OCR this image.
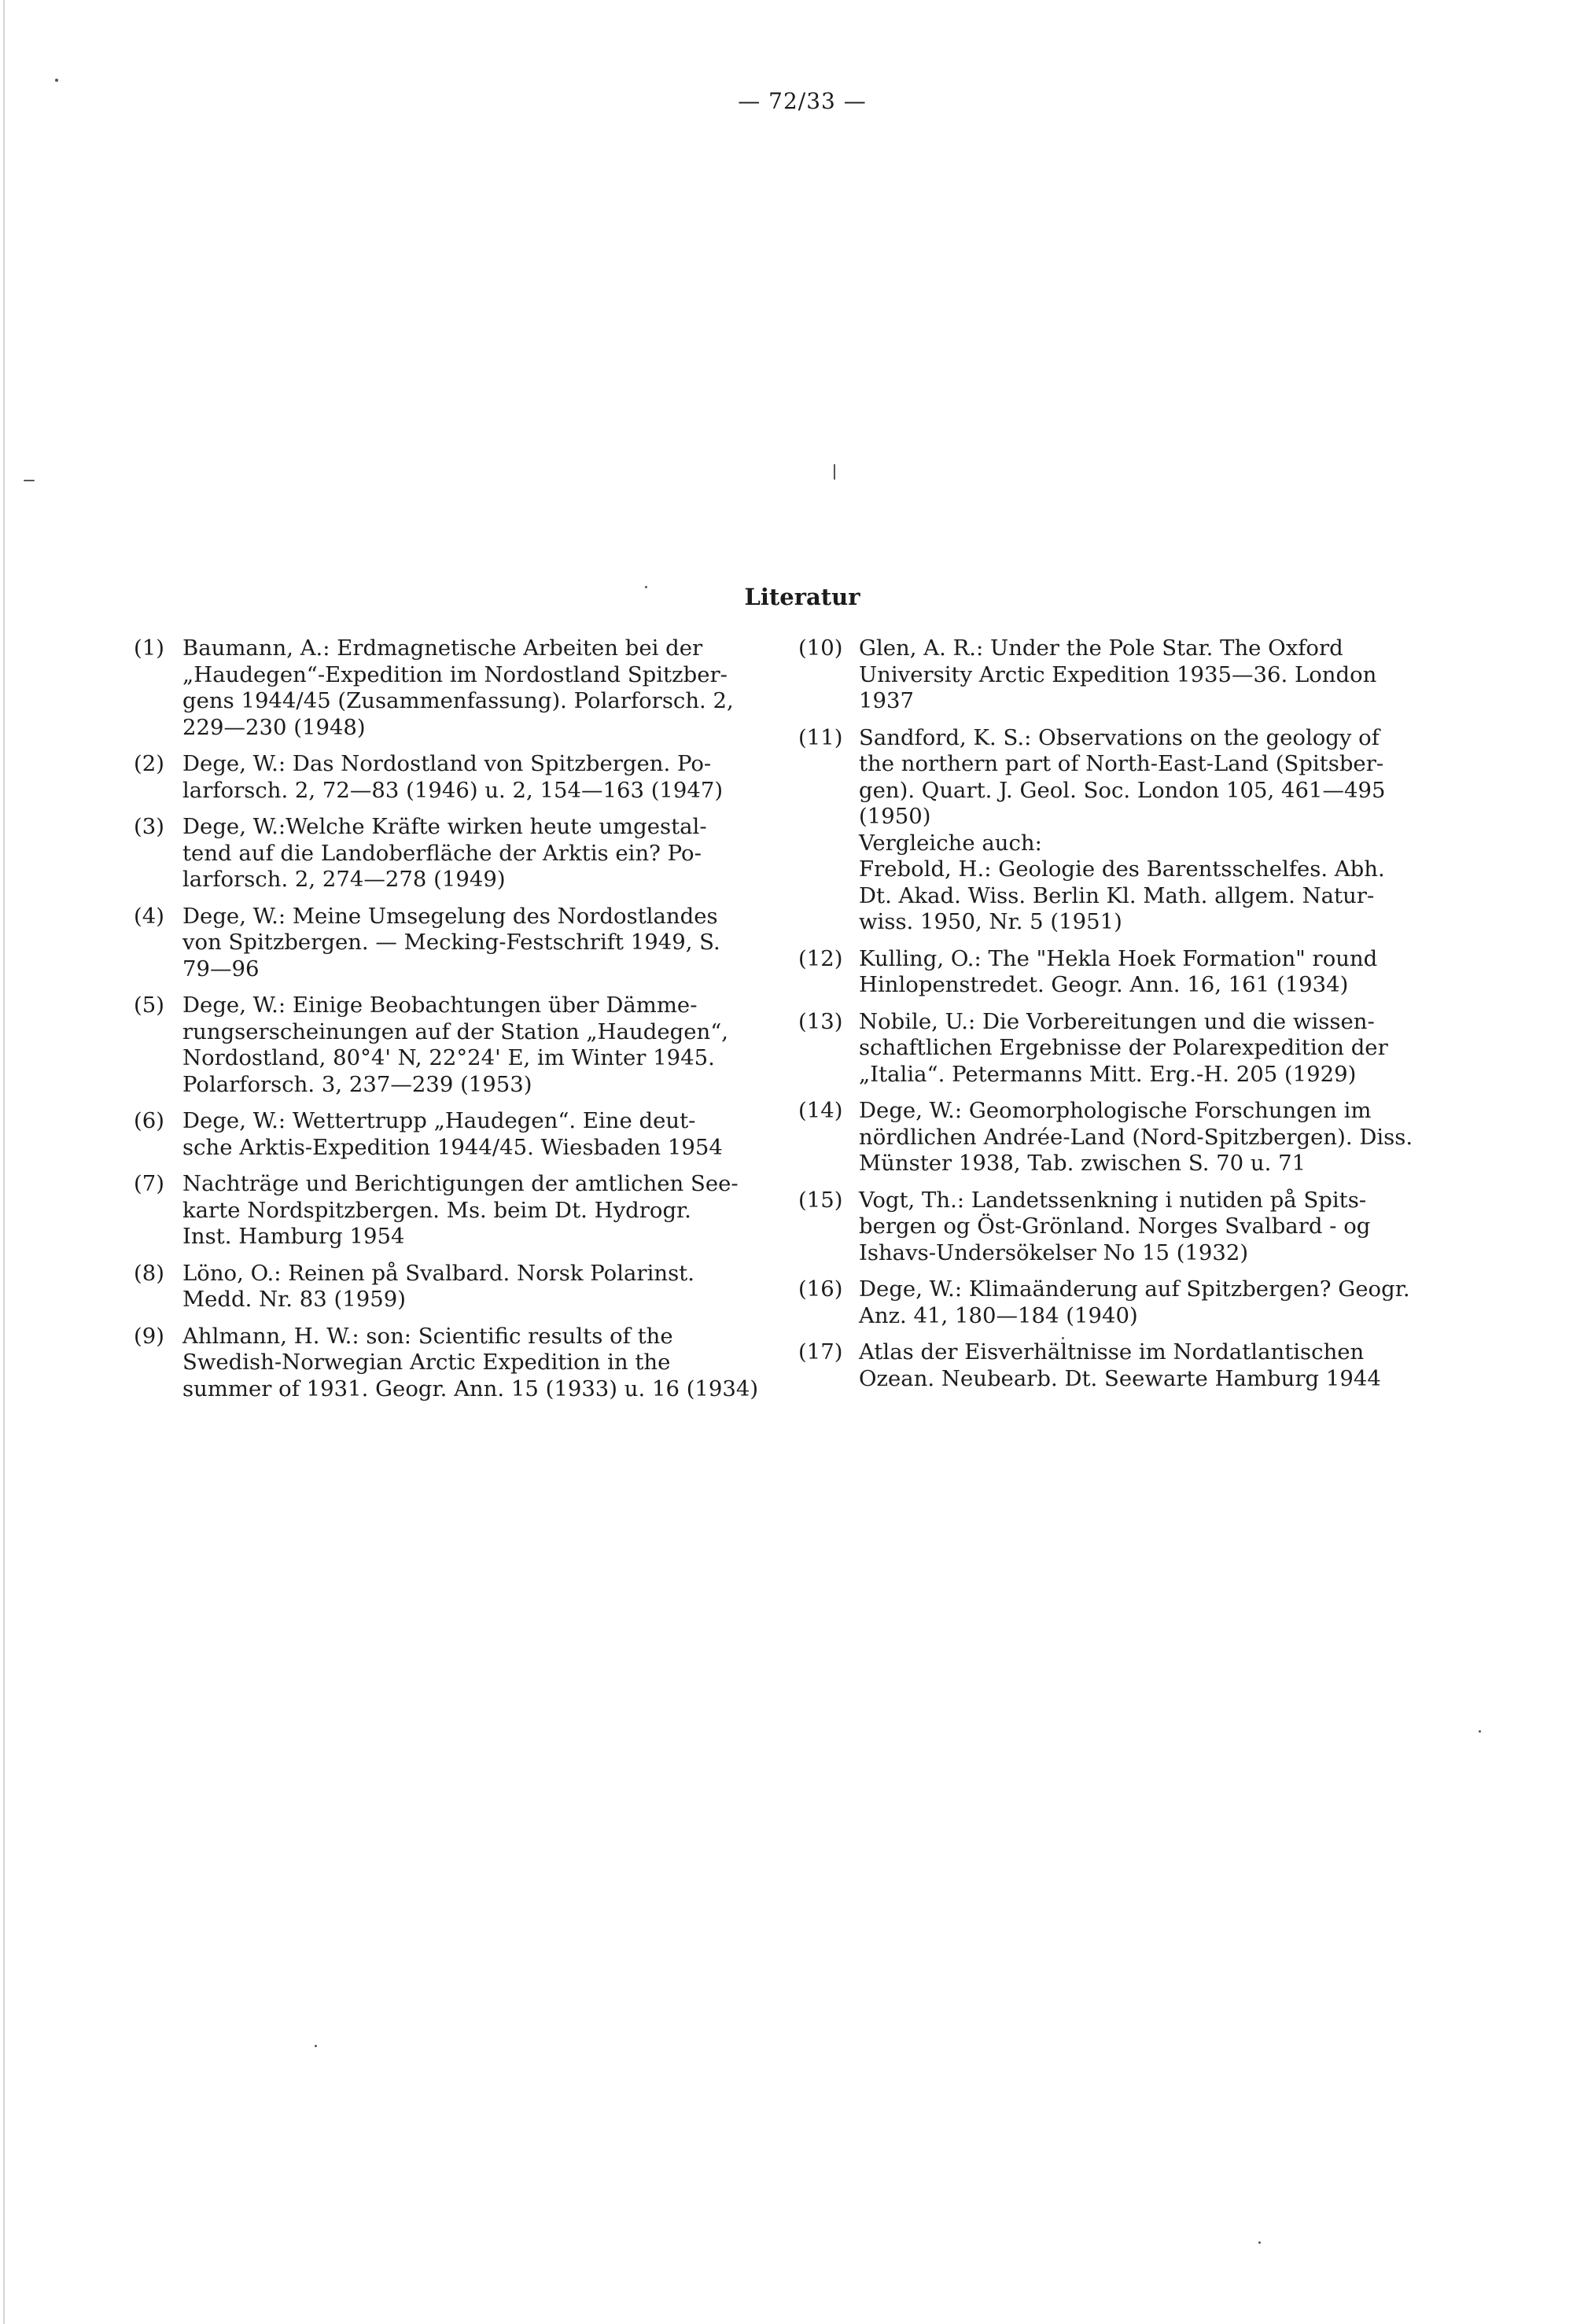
— 72/33 —
Literatur
(1) Baumann, A.: Erdmagnetische Arbeiten bei der
„Haudegen“-Expedition im Nordostland Spitzber-
gens 1944/45 (Zusammenfassung). Polarforsch. 2,
229—230 (1948)
(2) Dege, W.: Das Nordostland von Spitzbergen. Po-
larforsch. 2, 72—83 (1946) u. 2, 154—163 (1947)
(3) Dege, W.:Welche Kräfte wirken heute umgestal-
tend auf die Landoberfläche der Arktis ein? Po-
larforsch. 2, 274—278 (1949)
(4) Dege, W.: Meine Umsegelung des Nordostlandes
von Spitzbergen. — Mecking-Festschrift 1949, S.
79—96
(5) Dege, W.: Einige Beobachtungen über Dämme-
rungserscheinungen auf der Station „Haudegen“,
Nordostland, 80°4' N, 22°24' E, im Winter 1945.
Polarforsch. 3, 237—239 (1953)
(6) Dege, W.: Wettertrupp „Haudegen“. Eine deut-
sche Arktis-Expedition 1944/45. Wiesbaden 1954
(7) Nachträge und Berichtigungen der amtlichen See-
karte Nordspitzbergen. Ms. beim Dt. Hydrogr.
Inst. Hamburg 1954
(8) Löno, O.: Reinen på Svalbard. Norsk Polarinst.
Medd. Nr. 83 (1959)
(9) Ahlmann, H. W.: son: Scientific results of the
Swedish-Norwegian Arctic Expedition in the
summer of 1931. Geogr. Ann. 15 (1933) u. 16 (1934)
(10) Glen, A. R.: Under the Pole Star. The Oxford
University Arctic Expedition 1935—36. London
1937
(11) Sandford, K. S.: Observations on the geology of
the northern part of North-East-Land (Spitsber-
gen). Quart. J. Geol. Soc. London 105, 461—495
(1950)
Vergleiche auch:
Frebold, H.: Geologie des Barentsschelfes. Abh.
Dt. Akad. Wiss. Berlin Kl. Math. allgem. Natur-
wiss. 1950, Nr. 5 (1951)
(12) Kulling, O.: The "Hekla Hoek Formation" round
Hinlopenstredet. Geogr. Ann. 16, 161 (1934)
(13) Nobile, U.: Die Vorbereitungen und die wissen-
schaftlichen Ergebnisse der Polarexpedition der
„Italia“. Petermanns Mitt. Erg.-H. 205 (1929)
(14) Dege, W.: Geomorphologische Forschungen im
nördlichen Andrée-Land (Nord-Spitzbergen). Diss.
Münster 1938, Tab. zwischen S. 70 u. 71
(15) Vogt, Th.: Landetssenkning i nutiden på Spits-
bergen og Öst-Grönland. Norges Svalbard - og
Ishavs-Undersökelser No 15 (1932)
(16) Dege, W.: Klimaänderung auf Spitzbergen? Geogr.
Anz. 41, 180—184 (1940)
(17) Atlas der Eisverhältnisse im Nordatlantischen
Ozean. Neubearb. Dt. Seewarte Hamburg 1944
